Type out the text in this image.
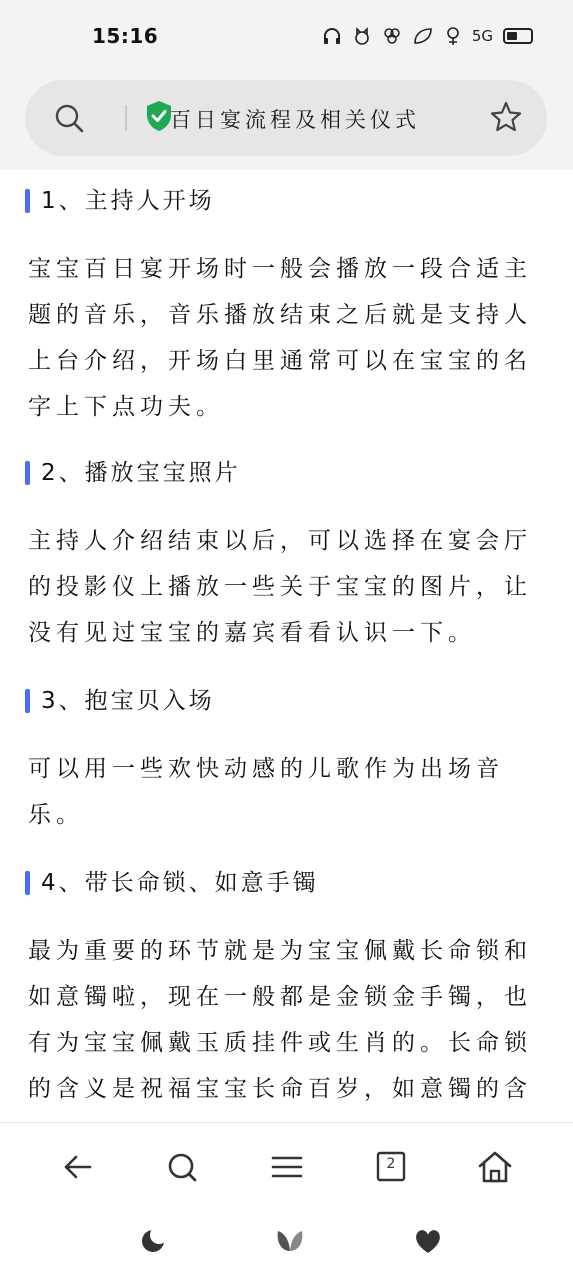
15:16	5G
百日宴流程及相关仪式
1、主持人开场
宝宝百日宴开场时一般会播放一段合适主题的音乐，音乐播放结束之后就是支持人上台介绍，开场白里通常可以在宝宝的名字上下点功夫。
2、播放宝宝照片
主持人介绍结束以后，可以选择在宴会厅的投影仪上播放一些关于宝宝的图片，让没有见过宝宝的嘉宾看看认识一下。
3、抱宝贝入场
可以用一些欢快动感的儿歌作为出场音乐。
4、带长命锁、如意手镯
最为重要的环节就是为宝宝佩戴长命锁和如意镯啦，现在一般都是金锁金手镯，也有为宝宝佩戴玉质挂件或生肖的。长命锁的含义是祝福宝宝长命百岁，如意镯的含
2
